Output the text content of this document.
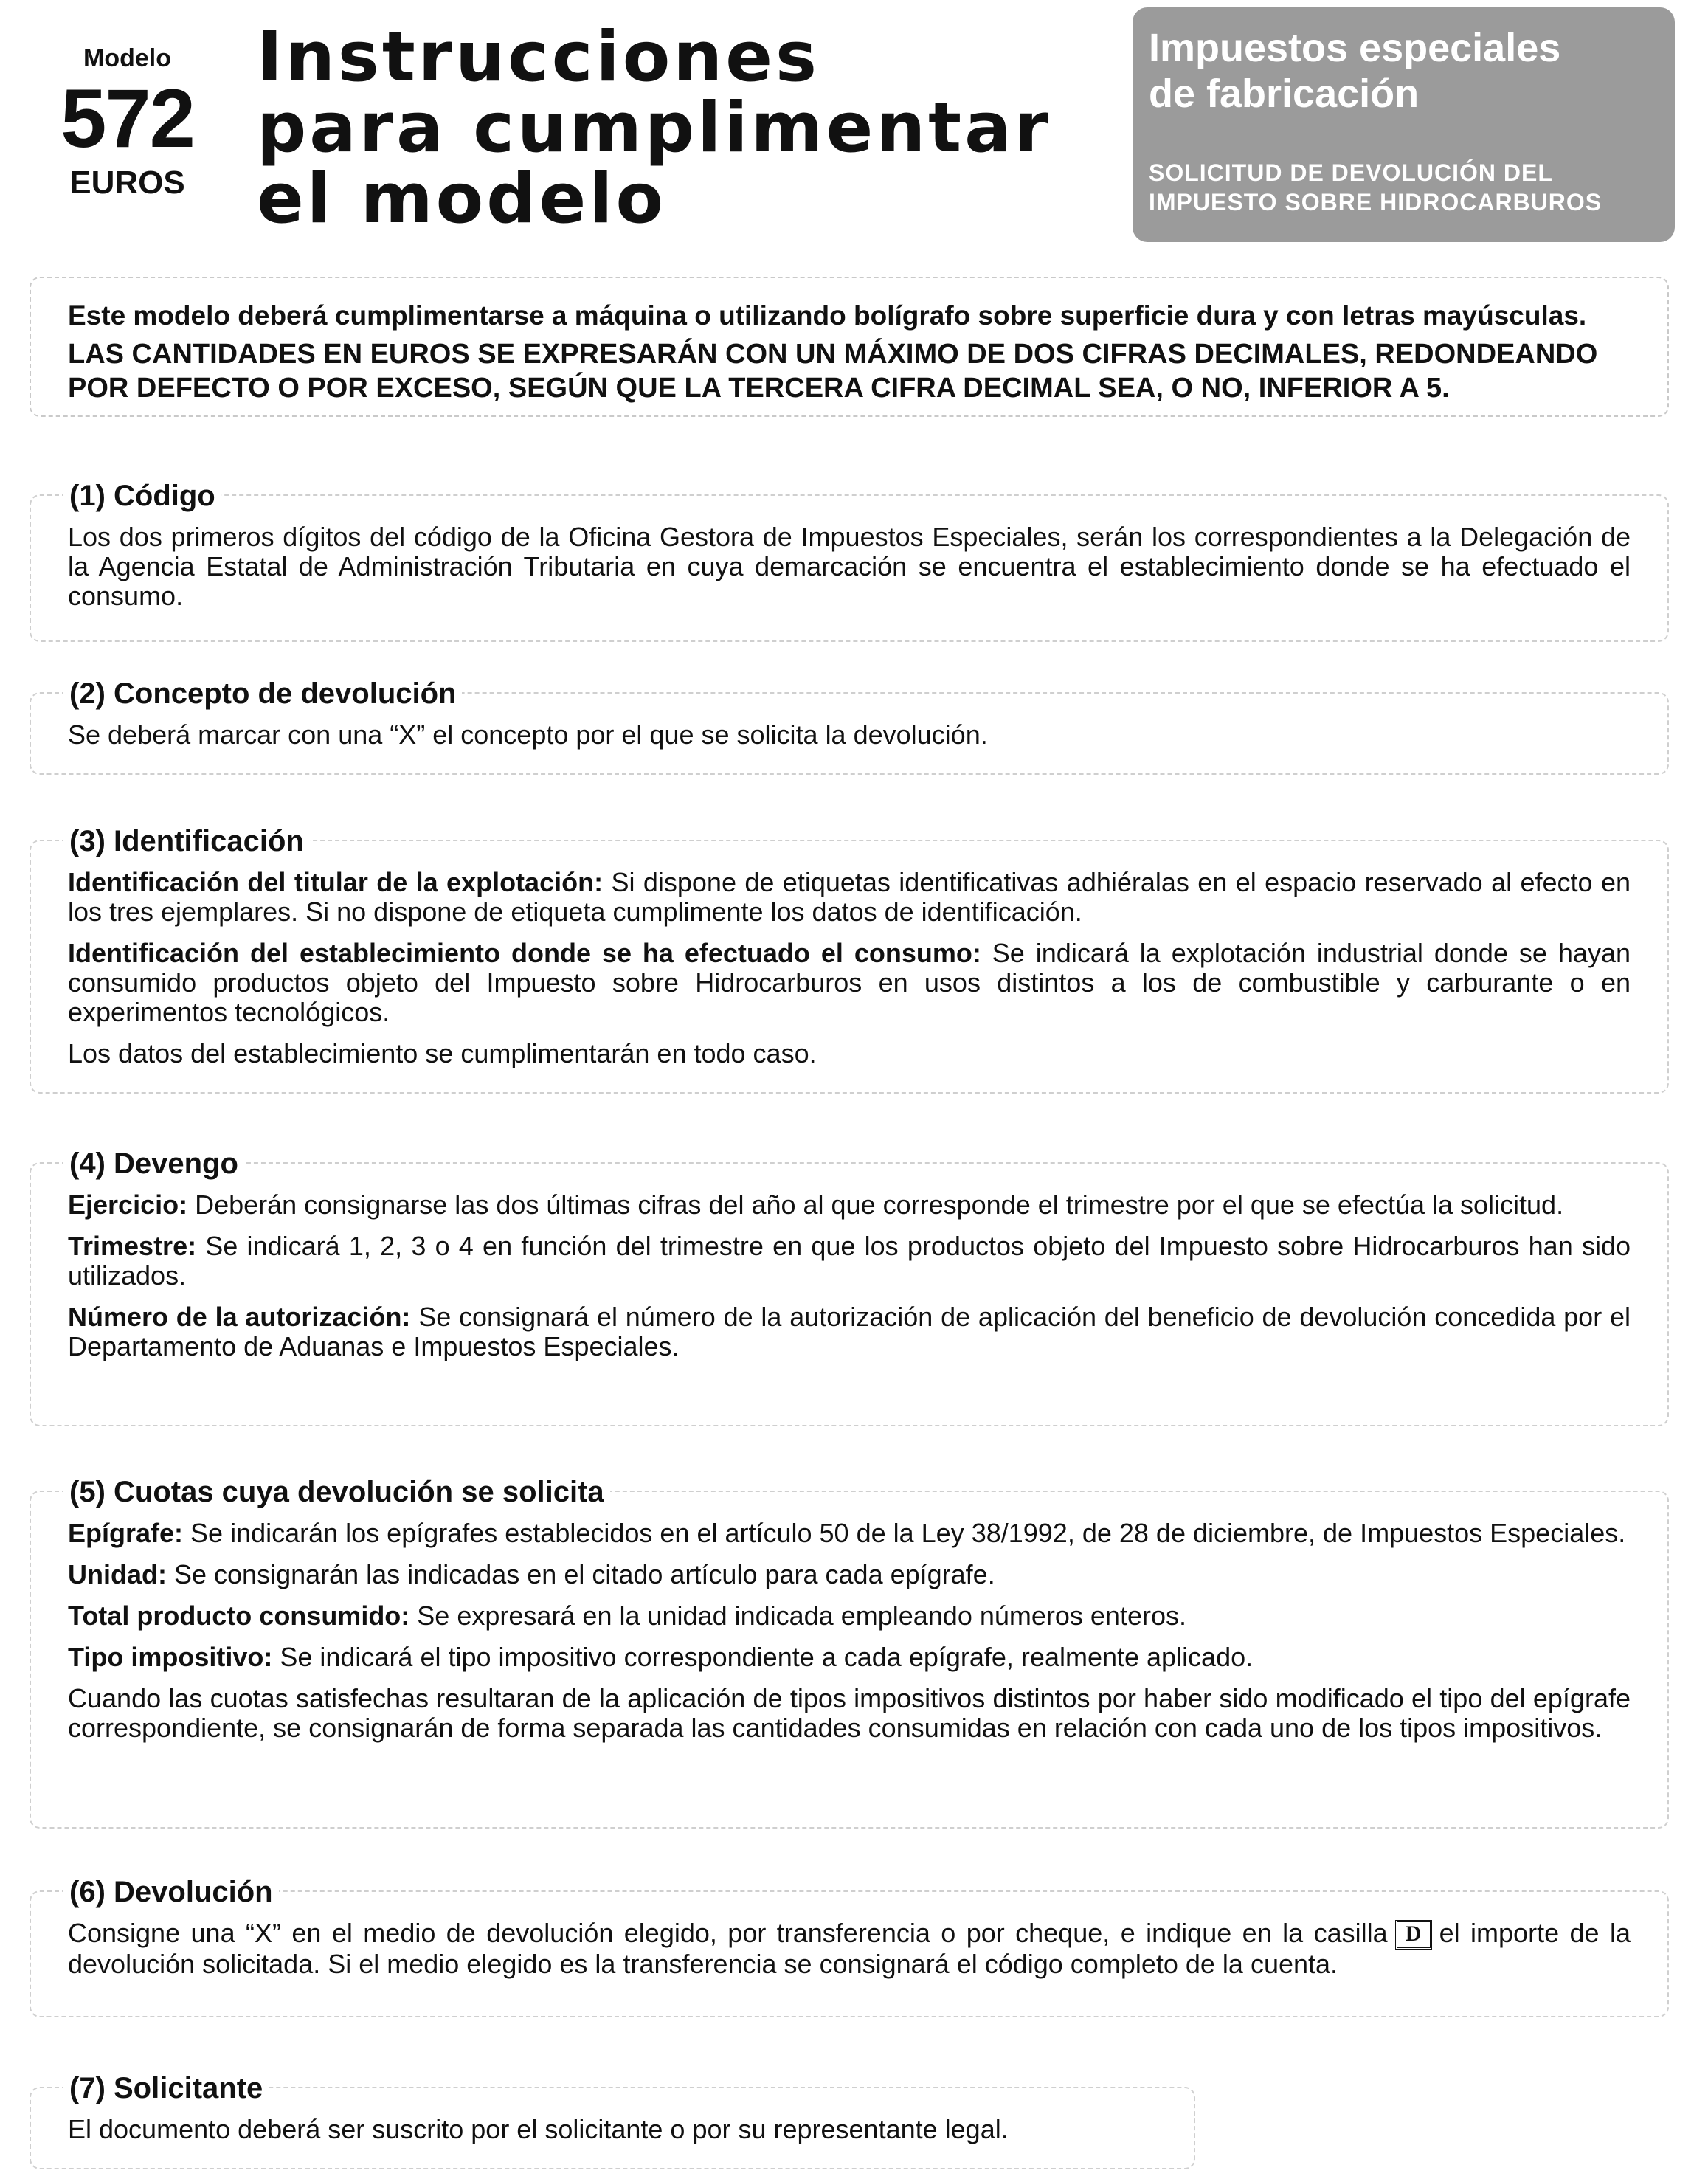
Modelo
572
EUROS
Instrucciones
para cumplimentar
el modelo
Impuestos especiales
de fabricación
SOLICITUD DE DEVOLUCIÓN DEL
IMPUESTO SOBRE HIDROCARBUROS
Este modelo deberá cumplimentarse a máquina o utilizando bolígrafo sobre superficie dura y con letras mayúsculas.
LAS CANTIDADES EN EUROS SE EXPRESARÁN CON UN MÁXIMO DE DOS CIFRAS DECIMALES, REDONDEANDO POR DEFECTO O POR EXCESO, SEGÚN QUE LA TERCERA CIFRA DECIMAL SEA, O NO, INFERIOR A 5.
(1) Código

Los dos primeros dígitos del código de la Oficina Gestora de Impuestos Especiales, serán los correspondientes a la Delegación de la Agencia Estatal de Administración Tributaria en cuya demarcación se encuentra el establecimiento donde se ha efectuado el consumo.

(2) Concepto de devolución

Se deberá marcar con una “X” el concepto por el que se solicita la devolución.

(3) Identificación

Identificación del titular de la explotación: Si dispone de etiquetas identificativas adhiéralas en el espacio reservado al efecto en los tres ejemplares. Si no dispone de etiqueta cumplimente los datos de identificación.

Identificación del establecimiento donde se ha efectuado el consumo: Se indicará la explotación industrial donde se hayan consumido productos objeto del Impuesto sobre Hidrocarburos en usos distintos a los de combustible y carburante o en experimentos tecnológicos.

Los datos del establecimiento se cumplimentarán en todo caso.

(4) Devengo

Ejercicio: Deberán consignarse las dos últimas cifras del año al que corresponde el trimestre por el que se efectúa la solicitud.

Trimestre: Se indicará 1, 2, 3 o 4 en función del trimestre en que los productos objeto del Impuesto sobre Hidrocarburos han sido utilizados.

Número de la autorización: Se consignará el número de la autorización de aplicación del beneficio de devolución concedida por el Departamento de Aduanas e Impuestos Especiales.

(5) Cuotas cuya devolución se solicita

Epígrafe: Se indicarán los epígrafes establecidos en el artículo 50 de la Ley 38/1992, de 28 de diciembre, de Impuestos Especiales.

Unidad: Se consignarán las indicadas en el citado artículo para cada epígrafe.

Total producto consumido: Se expresará en la unidad indicada empleando números enteros.

Tipo impositivo: Se indicará el tipo impositivo correspondiente a cada epígrafe, realmente aplicado.

Cuando las cuotas satisfechas resultaran de la aplicación de tipos impositivos distintos por haber sido modificado el tipo del epígrafe correspondiente, se consignarán de forma separada las cantidades consumidas en relación con cada uno de los tipos impositivos.

(6) Devolución

Consigne una “X” en el medio de devolución elegido, por transferencia o por cheque, e indique en la casilla D el importe de la devolución solicitada. Si el medio elegido es la transferencia se consignará el código completo de la cuenta.

(7) Solicitante

El documento deberá ser suscrito por el solicitante o por su representante legal.
